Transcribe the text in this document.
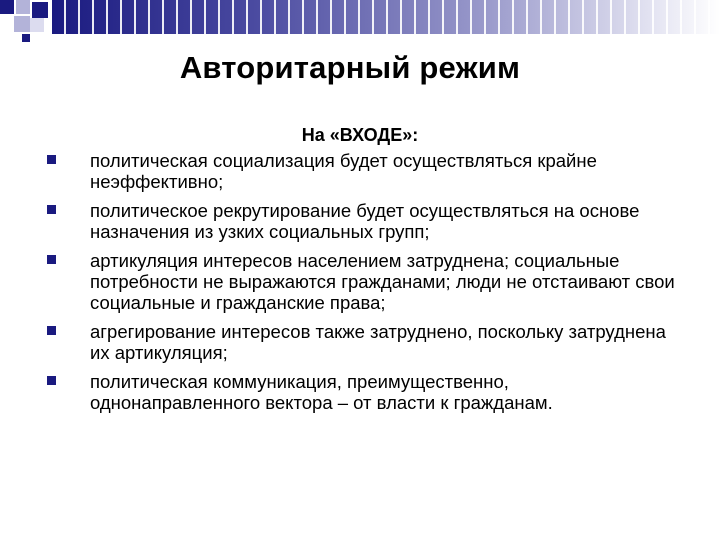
Авторитарный режим
На «ВХОДЕ»:
политическая социализация будет осуществляться крайне неэффективно;
политическое рекрутирование будет осуществляться на основе назначения из узких социальных групп;
артикуляция интересов населением затруднена; социальные потребности не выражаются гражданами; люди не отстаивают свои социальные и гражданские права;
агрегирование интересов также затруднено, поскольку затруднена их артикуляция;
политическая коммуникация, преимущественно, однонаправленного вектора – от власти к гражданам.
